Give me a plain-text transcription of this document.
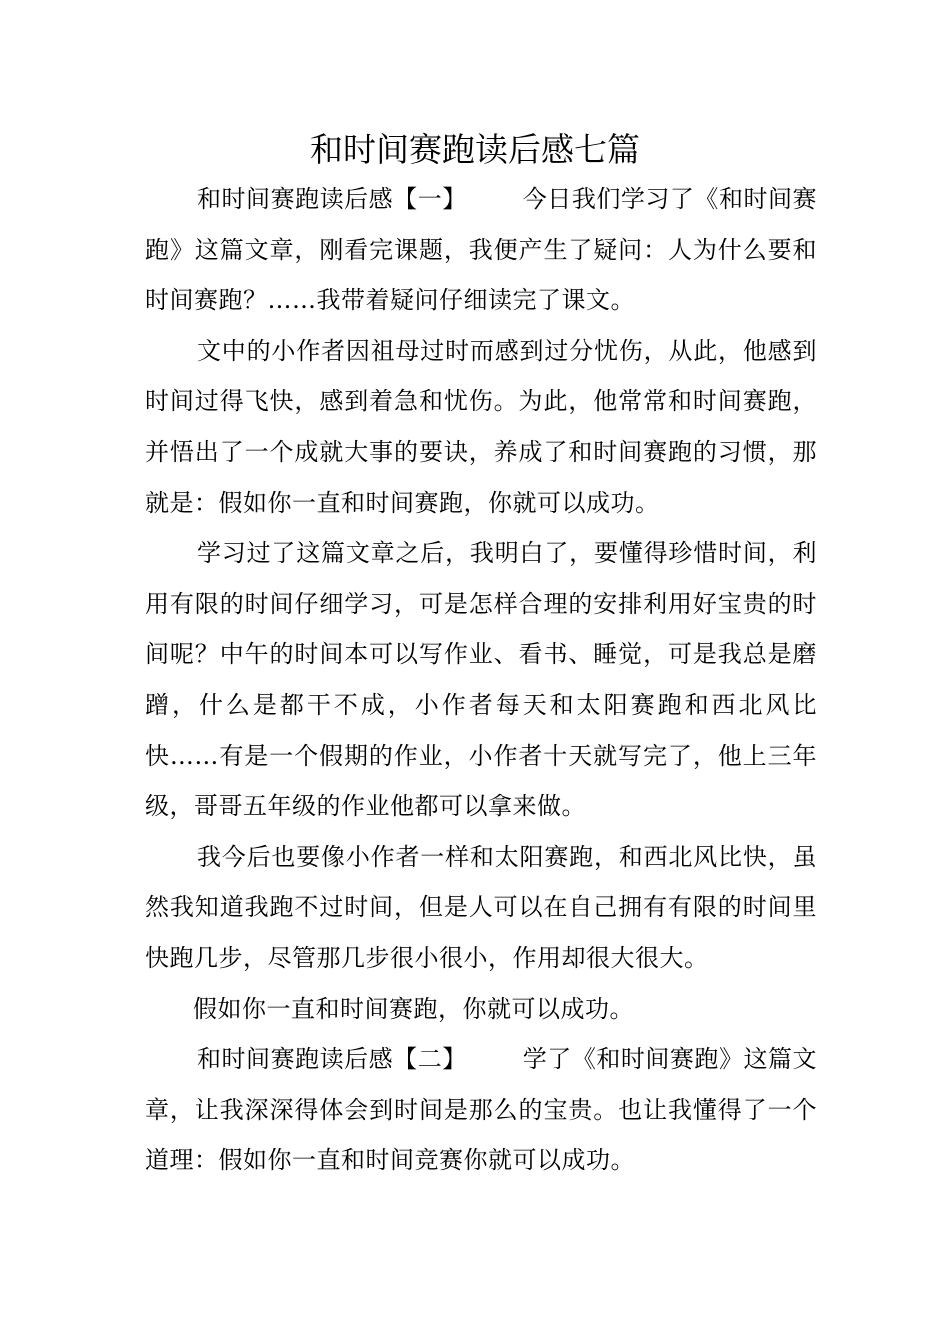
和时间赛跑读后感七篇

和时间赛跑读后感【一】 今日我们学习了《和时间赛跑》这篇文章，刚看完课题，我便产生了疑问：人为什么要和时间赛跑？……我带着疑问仔细读完了课文。

文中的小作者因祖母过时而感到过分忧伤，从此，他感到时间过得飞快，感到着急和忧伤。为此，他常常和时间赛跑，并悟出了一个成就大事的要诀，养成了和时间赛跑的习惯，那就是：假如你一直和时间赛跑，你就可以成功。

学习过了这篇文章之后，我明白了，要懂得珍惜时间，利用有限的时间仔细学习，可是怎样合理的安排利用好宝贵的时间呢？中午的时间本可以写作业、看书、睡觉，可是我总是磨蹭，什么是都干不成，小作者每天和太阳赛跑和西北风比快……有是一个假期的作业，小作者十天就写完了，他上三年级，哥哥五年级的作业他都可以拿来做。

我今后也要像小作者一样和太阳赛跑，和西北风比快，虽然我知道我跑不过时间，但是人可以在自己拥有有限的时间里快跑几步，尽管那几步很小很小，作用却很大很大。

假如你一直和时间赛跑，你就可以成功。

和时间赛跑读后感【二】 学了《和时间赛跑》这篇文章，让我深深得体会到时间是那么的宝贵。也让我懂得了一个道理：假如你一直和时间竞赛你就可以成功。
